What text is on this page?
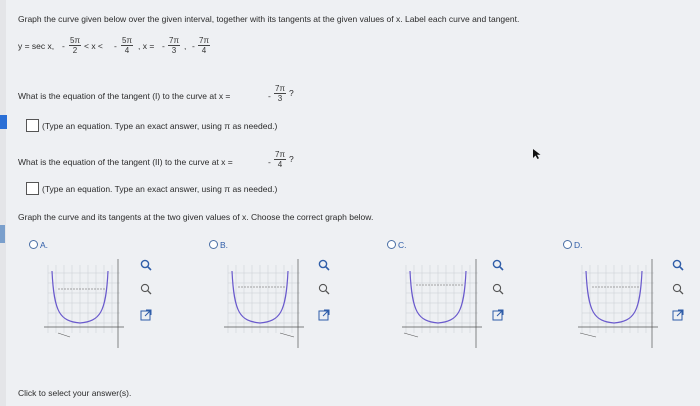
Graph the curve given below over the given interval, together with its tangents at the given values of x. Label each curve and tangent.
y = sec x, - $\frac{5\pi}{2} < x$ < - $\frac{5\pi}{4}$ , x = - $\frac{7\pi}{3}$ , - $\frac{7\pi}{4}$
What is the equation of the tangent (I) to the curve at x =	- $\frac{7\pi}{3}$ ?
(Type an equation. Type an exact answer, using π as needed.)
What is the equation of the tangent (II) to the curve at x =	- $\frac{7\pi}{4}$ ?
(Type an equation. Type an exact answer, using π as needed.)
Graph the curve and its tangents at the two given values of x. Choose the correct graph below.
A.	B.	C.	D.
Click to select your answer(s).
